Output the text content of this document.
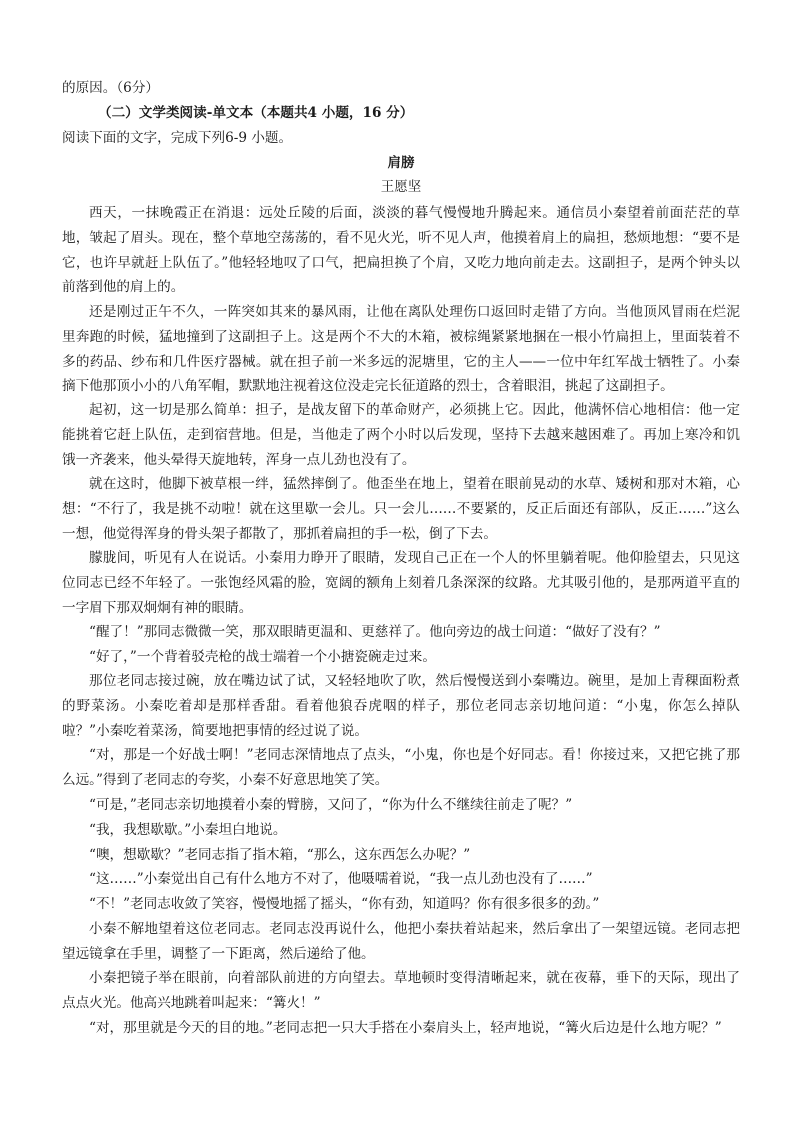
的原因。（6分）
（二）文学类阅读-单文本（本题共4 小题，16 分）
阅读下面的文字，完成下列6-9 小题。
肩膀
王愿坚

西天，一抹晚霞正在消退：远处丘陵的后面，淡淡的暮气慢慢地升腾起来。通信员小秦望着前面茫茫的草地，皱起了眉头。现在，整个草地空荡荡的，看不见火光，听不见人声，他摸着肩上的扁担，愁烦地想：“要不是它，也许早就赶上队伍了。”他轻轻地叹了口气，把扁担换了个肩，又吃力地向前走去。这副担子，是两个钟头以前落到他的肩上的。

还是刚过正午不久，一阵突如其来的暴风雨，让他在离队处理伤口返回时走错了方向。当他顶风冒雨在烂泥里奔跑的时候，猛地撞到了这副担子上。这是两个不大的木箱，被棕绳紧紧地捆在一根小竹扁担上，里面装着不多的药品、纱布和几件医疗器械。就在担子前一米多远的泥塘里，它的主人——一位中年红军战士牺牲了。小秦摘下他那顶小小的八角军帽，默默地注视着这位没走完长征道路的烈士，含着眼泪，挑起了这副担子。

起初，这一切是那么简单：担子，是战友留下的革命财产，必须挑上它。因此，他满怀信心地相信：他一定能挑着它赶上队伍，走到宿营地。但是，当他走了两个小时以后发现，坚持下去越来越困难了。再加上寒冷和饥饿一齐袭来，他头晕得天旋地转，浑身一点儿劲也没有了。

就在这时，他脚下被草根一绊，猛然摔倒了。他歪坐在地上，望着在眼前晃动的水草、矮树和那对木箱，心想：“不行了，我是挑不动啦！就在这里歇一会儿。只一会儿……不要紧的，反正后面还有部队，反正……”这么一想，他觉得浑身的骨头架子都散了，那抓着扁担的手一松，倒了下去。

朦胧间，听见有人在说话。小秦用力睁开了眼睛，发现自己正在一个人的怀里躺着呢。他仰脸望去，只见这位同志已经不年轻了。一张饱经风霜的脸，宽阔的额角上刻着几条深深的纹路。尤其吸引他的，是那两道平直的一字眉下那双炯炯有神的眼睛。

“醒了！”那同志微微一笑，那双眼睛更温和、更慈祥了。他向旁边的战士问道：“做好了没有？”

“好了，”一个背着驳壳枪的战士端着一个小搪瓷碗走过来。

那位老同志接过碗，放在嘴边试了试，又轻轻地吹了吹，然后慢慢送到小秦嘴边。碗里，是加上青稞面粉煮的野菜汤。小秦吃着却是那样香甜。看着他狼吞虎咽的样子，那位老同志亲切地问道：“小鬼，你怎么掉队啦？”小秦吃着菜汤，简要地把事情的经过说了说。

“对，那是一个好战士啊！”老同志深情地点了点头，“小鬼，你也是个好同志。看！你接过来，又把它挑了那么远。”得到了老同志的夸奖，小秦不好意思地笑了笑。

“可是，”老同志亲切地摸着小秦的臂膀，又问了，“你为什么不继续往前走了呢？”

“我，我想歇歇。”小秦坦白地说。

“噢，想歇歇？”老同志指了指木箱，“那么，这东西怎么办呢？”

“这……”小秦觉出自己有什么地方不对了，他嗫嚅着说，“我一点儿劲也没有了……”

“不！”老同志收敛了笑容，慢慢地摇了摇头，“你有劲，知道吗？你有很多很多的劲。”

小秦不解地望着这位老同志。老同志没再说什么，他把小秦扶着站起来，然后拿出了一架望远镜。老同志把望远镜拿在手里，调整了一下距离，然后递给了他。

小秦把镜子举在眼前，向着部队前进的方向望去。草地顿时变得清晰起来，就在夜幕，垂下的天际，现出了点点火光。他高兴地跳着叫起来：“篝火！”

“对，那里就是今天的目的地。”老同志把一只大手搭在小秦肩头上，轻声地说，“篝火后边是什么地方呢？”
